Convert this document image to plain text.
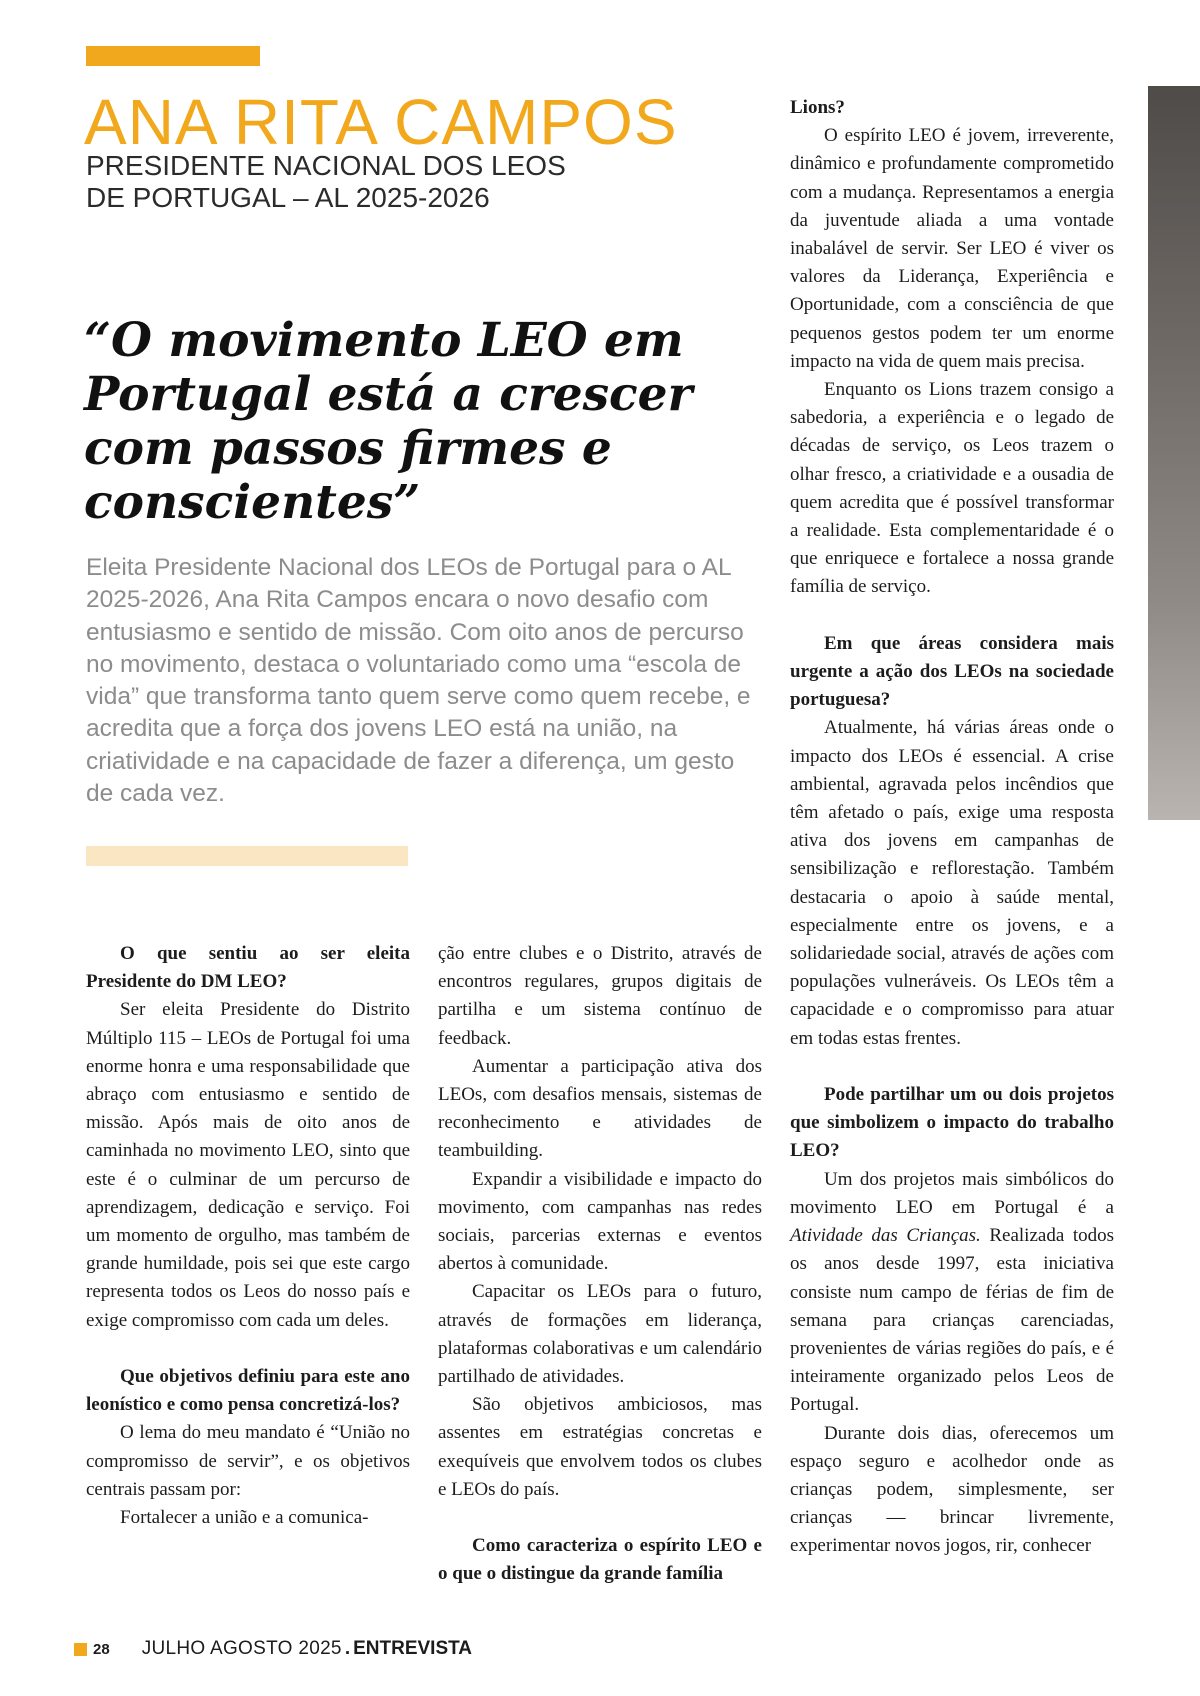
ANA RITA CAMPOS
PRESIDENTE NACIONAL DOS LEOS
DE PORTUGAL – AL 2025-2026
“O movimento LEO em Portugal está a crescer com passos firmes e conscientes”

Eleita Presidente Nacional dos LEOs de Portugal para o AL 2025-2026, Ana Rita Campos encara o novo desafio com entusiasmo e sentido de missão. Com oito anos de percurso no movimento, destaca o voluntariado como uma “escola de vida” que transforma tanto quem serve como quem recebe, e acredita que a força dos jovens LEO está na união, na criatividade e na capacidade de fazer a diferença, um gesto de cada vez.

O que sentiu ao ser eleita Presidente do DM LEO?

Ser eleita Presidente do Distrito Múltiplo 115 – LEOs de Portugal foi uma enorme honra e uma responsabilidade que abraço com entusiasmo e sentido de missão. Após mais de oito anos de caminhada no movimento LEO, sinto que este é o culminar de um percurso de aprendizagem, dedicação e serviço. Foi um momento de orgulho, mas também de grande humildade, pois sei que este cargo representa todos os Leos do nosso país e exige compromisso com cada um deles.

Que objetivos definiu para este ano leonístico e como pensa concretizá-los?

O lema do meu mandato é “União no compromisso de servir”, e os objetivos centrais passam por:

Fortalecer a união e a comunica-

ção entre clubes e o Distrito, através de encontros regulares, grupos digitais de partilha e um sistema contínuo de feedback.

Aumentar a participação ativa dos LEOs, com desafios mensais, sistemas de reconhecimento e atividades de teambuilding.

Expandir a visibilidade e impacto do movimento, com campanhas nas redes sociais, parcerias externas e eventos abertos à comunidade.

Capacitar os LEOs para o futuro, através de formações em liderança, plataformas colaborativas e um calendário partilhado de atividades.

São objetivos ambiciosos, mas assentes em estratégias concretas e exequíveis que envolvem todos os clubes e LEOs do país.

Como caracteriza o espírito LEO e o que o distingue da grande família

Lions?

O espírito LEO é jovem, irreverente, dinâmico e profundamente comprometido com a mudança. Representamos a energia da juventude aliada a uma vontade inabalável de servir. Ser LEO é viver os valores da Liderança, Experiência e Oportunidade, com a consciência de que pequenos gestos podem ter um enorme impacto na vida de quem mais precisa.

Enquanto os Lions trazem consigo a sabedoria, a experiência e o legado de décadas de serviço, os Leos trazem o olhar fresco, a criatividade e a ousadia de quem acredita que é possível transformar a realidade. Esta complementaridade é o que enriquece e fortalece a nossa grande família de serviço.

Em que áreas considera mais urgente a ação dos LEOs na sociedade portuguesa?

Atualmente, há várias áreas onde o impacto dos LEOs é essencial. A crise ambiental, agravada pelos incêndios que têm afetado o país, exige uma resposta ativa dos jovens em campanhas de sensibilização e reflorestação. Também destacaria o apoio à saúde mental, especialmente entre os jovens, e a solidariedade social, através de ações com populações vulneráveis. Os LEOs têm a capacidade e o compromisso para atuar em todas estas frentes.

Pode partilhar um ou dois projetos que simbolizem o impacto do trabalho LEO?

Um dos projetos mais simbólicos do movimento LEO em Portugal é a Atividade das Crianças. Realizada todos os anos desde 1997, esta iniciativa consiste num campo de férias de fim de semana para crianças carenciadas, provenientes de várias regiões do país, e é inteiramente organizado pelos Leos de Portugal.

Durante dois dias, oferecemos um espaço seguro e acolhedor onde as crianças podem, simplesmente, ser crianças — brincar livremente, experimentar novos jogos, rir, conhecer

28 JULHO AGOSTO 2025 . ENTREVISTA
